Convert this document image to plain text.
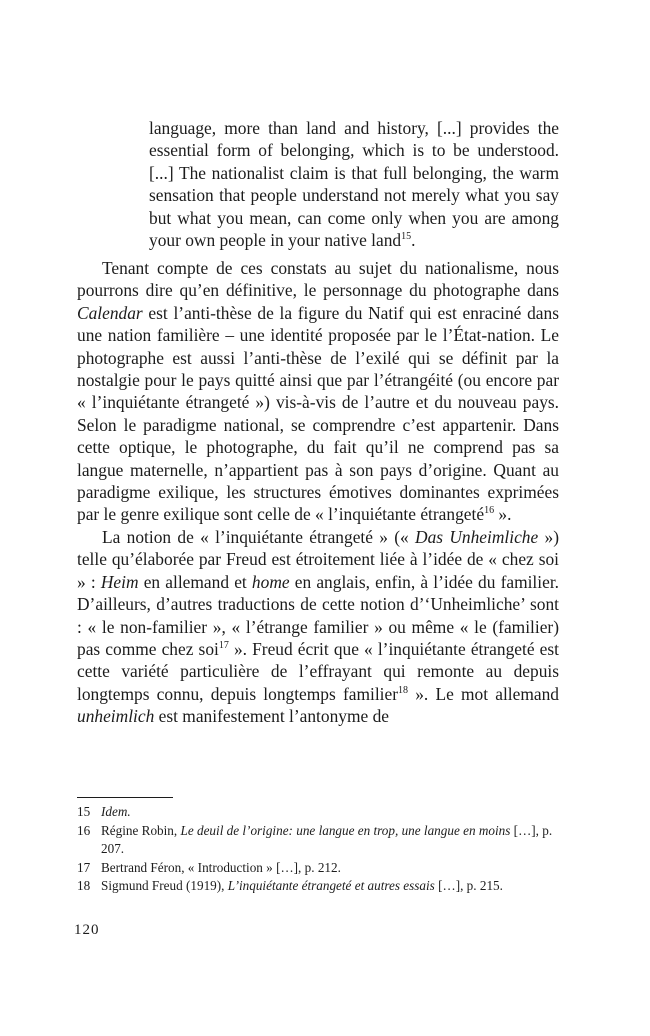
language, more than land and history, [...] provides the essential form of belonging, which is to be understood. [...] The nationalist claim is that full belonging, the warm sensation that people understand not merely what you say but what you mean, can come only when you are among your own people in your native land$^{15}$.

Tenant compte de ces constats au sujet du nationalisme, nous pourrons dire qu’en définitive, le personnage du photographe dans Calendar est l’anti-thèse de la figure du Natif qui est enraciné dans une nation familière – une identité proposée par le l’État-nation. Le photographe est aussi l’anti-thèse de l’exilé qui se définit par la nostalgie pour le pays quitté ainsi que par l’étrangéité (ou encore par « l’inquiétante étrangeté ») vis-à-vis de l’autre et du nouveau pays. Selon le paradigme national, se comprendre c’est appartenir. Dans cette optique, le photographe, du fait qu’il ne comprend pas sa langue maternelle, n’appartient pas à son pays d’origine. Quant au paradigme exilique, les structures émotives dominantes exprimées par le genre exilique sont celle de « l’inquiétante étrangeté$^{16}$ ».

La notion de « l’inquiétante étrangeté » (« Das Unheimliche ») telle qu’élaborée par Freud est étroitement liée à l’idée de « chez soi » : Heim en allemand et home en anglais, enfin, à l’idée du familier. D’ailleurs, d’autres traductions de cette notion d’‘Unheimliche’ sont : « le non-familier », « l’étrange familier » ou même « le (familier) pas comme chez soi$^{17}$ ». Freud écrit que « l’inquiétante étrangeté est cette variété particulière de l’effrayant qui remonte au depuis longtemps connu, depuis longtemps familier$^{18}$ ». Le mot allemand unheimlich est manifestement l’antonyme de

15 Idem.
16 Régine Robin, Le deuil de l’origine: une langue en trop, une langue en moins […], p. 207.
17 Bertrand Féron, « Introduction » […], p. 212.
18 Sigmund Freud (1919), L’inquiétante étrangeté et autres essais […], p. 215.
120
